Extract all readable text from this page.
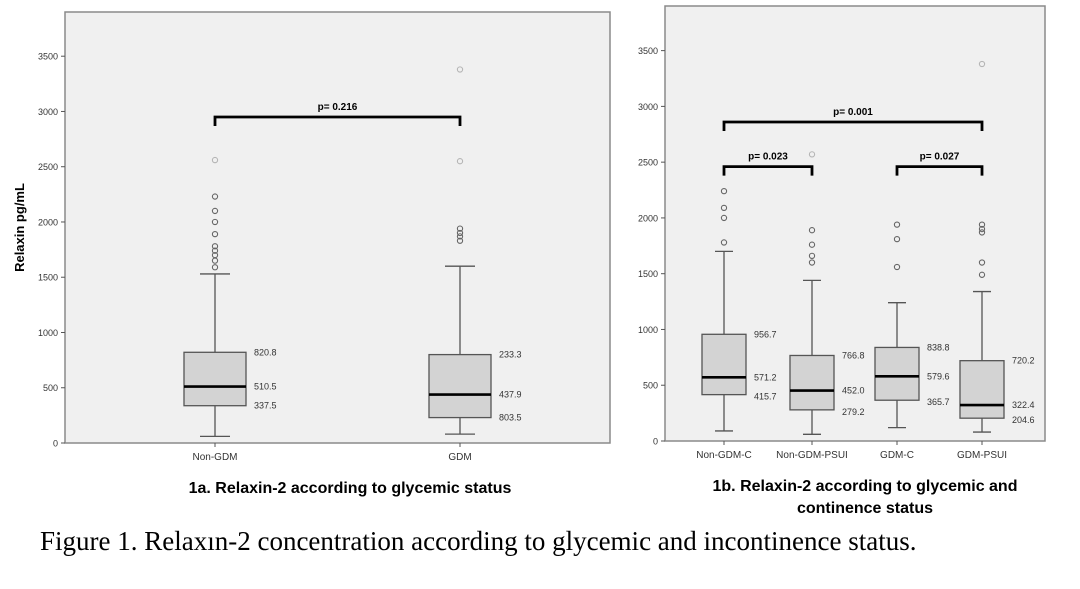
0
500
1000
1500
2000
2500
3000
3500
Relaxin pg/mL
Non-GDM	GDM
820.8
510.5
337.5
233.3
437.9
803.5
p= 0.216
0
500
1000
1500
2000
2500
3000
3500
Non-GDM-C Non-GDM-PSUI	GDM-C	GDM-PSUI
956.7
571.2
415.7
766.8
452.0
279.2
838.8
579.6
365.7
720.2
322.4
204.6
p= 0.023	p= 0.027
p= 0.001
1a. Relaxin-2 according to glycemic status	1b. Relaxin-2 according to glycemic and
continence status
Figure 1. Relaxın-2 concentration according to glycemic and incontinence status.
